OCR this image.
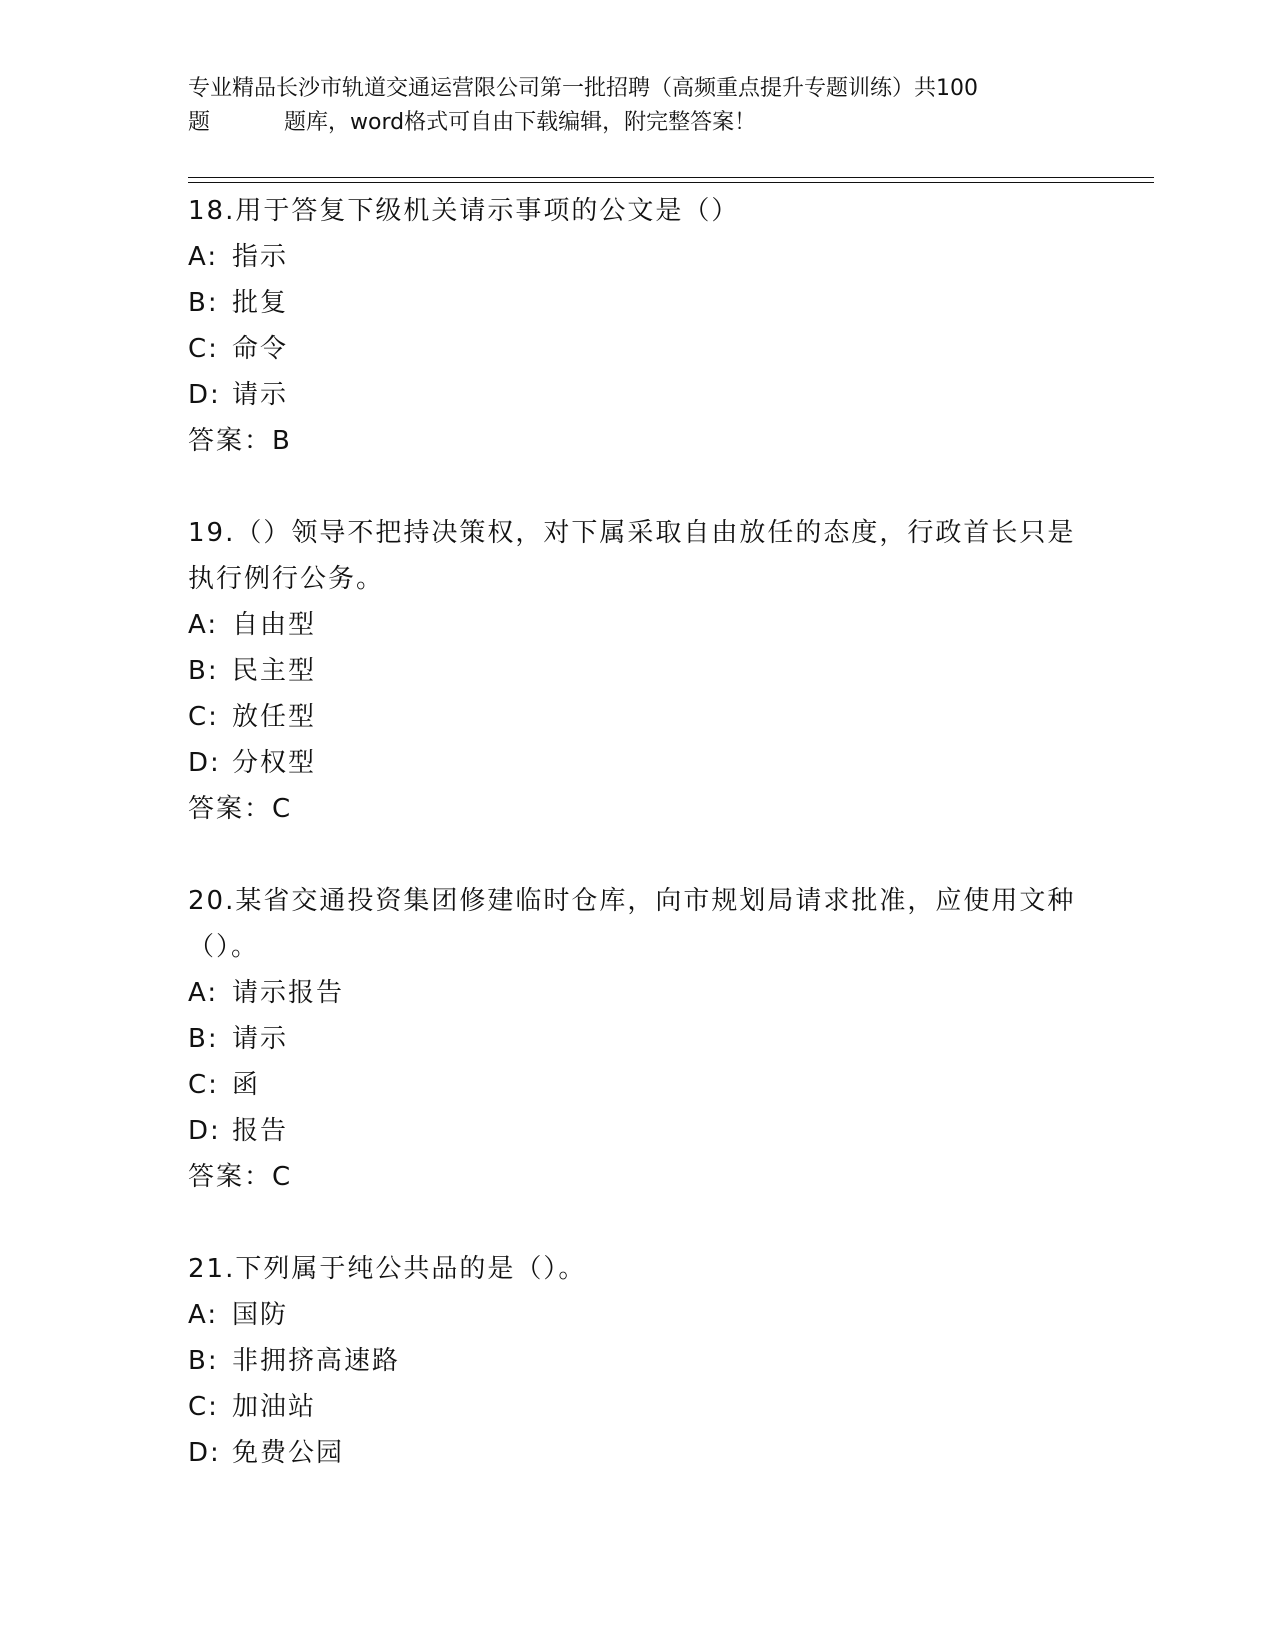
专业精品长沙市轨道交通运营限公司第一批招聘（高频重点提升专题训练）共100
题	题库，word格式可自由下载编辑，附完整答案！

18.用于答复下级机关请示事项的公文是（）

A: 指示
B: 批复
C: 命令
D: 请示
答案：B

19.（）领导不把持决策权，对下属采取自由放任的态度，行政首长只是执行例行公务。

A: 自由型
B: 民主型
C: 放任型
D: 分权型
答案：C

20.某省交通投资集团修建临时仓库，向市规划局请求批准，应使用文种（）。

A: 请示报告
B: 请示
C: 函
D: 报告
答案：C

21.下列属于纯公共品的是（）。

A: 国防
B: 非拥挤高速路
C: 加油站
D: 免费公园
